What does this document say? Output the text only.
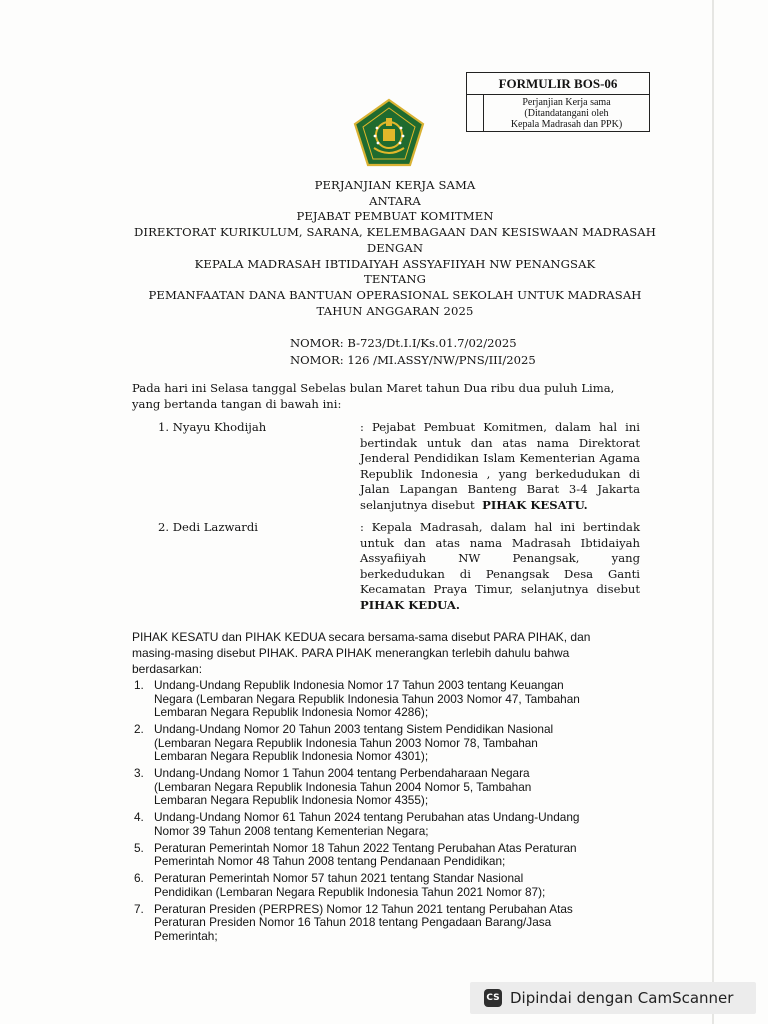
FORMULIR BOS-06
Perjanjian Kerja sama
(Ditandatangani oleh
Kepala Madrasah dan PPK)
PERJANJIAN KERJA SAMA
ANTARA
PEJABAT PEMBUAT KOMITMEN
DIREKTORAT KURIKULUM, SARANA, KELEMBAGAAN DAN KESISWAAN MADRASAH
DENGAN
KEPALA MADRASAH IBTIDAIYAH ASSYAFIIYAH NW PENANGSAK
TENTANG
PEMANFAATAN DANA BANTUAN OPERASIONAL SEKOLAH UNTUK MADRASAH
TAHUN ANGGARAN 2025
NOMOR: B-723/Dt.I.I/Ks.01.7/02/2025
NOMOR: 126 /MI.ASSY/NW/PNS/III/2025
Pada hari ini Selasa tanggal Sebelas bulan Maret tahun Dua ribu dua puluh Lima,
yang bertanda tangan di bawah ini:
1. Nyayu Khodijah	: Pejabat Pembuat Komitmen, dalam hal ini
bertindak untuk dan atas nama Direktorat
Jenderal Pendidikan Islam Kementerian Agama
Republik Indonesia , yang berkedudukan di
Jalan Lapangan Banteng Barat 3-4 Jakarta
selanjutnya disebut PIHAK KESATU.
2. Dedi Lazwardi	: Kepala Madrasah, dalam hal ini bertindak
untuk dan atas nama Madrasah Ibtidaiyah
Assyafiiyah NW Penangsak, yang
berkedudukan di Penangsak Desa Ganti
Kecamatan Praya Timur, selanjutnya disebut
PIHAK KEDUA.
PIHAK KESATU dan PIHAK KEDUA secara bersama-sama disebut PARA PIHAK, dan
masing-masing disebut PIHAK. PARA PIHAK menerangkan terlebih dahulu bahwa
berdasarkan:
1. Undang-Undang Republik Indonesia Nomor 17 Tahun 2003 tentang Keuangan
Negara (Lembaran Negara Republik Indonesia Tahun 2003 Nomor 47, Tambahan
Lembaran Negara Republik Indonesia Nomor 4286);
2. Undang-Undang Nomor 20 Tahun 2003 tentang Sistem Pendidikan Nasional
(Lembaran Negara Republik Indonesia Tahun 2003 Nomor 78, Tambahan
Lembaran Negara Republik Indonesia Nomor 4301);
3. Undang-Undang Nomor 1 Tahun 2004 tentang Perbendaharaan Negara
(Lembaran Negara Republik Indonesia Tahun 2004 Nomor 5, Tambahan
Lembaran Negara Republik Indonesia Nomor 4355);
4. Undang-Undang Nomor 61 Tahun 2024 tentang Perubahan atas Undang-Undang
Nomor 39 Tahun 2008 tentang Kementerian Negara;
5. Peraturan Pemerintah Nomor 18 Tahun 2022 Tentang Perubahan Atas Peraturan
Pemerintah Nomor 48 Tahun 2008 tentang Pendanaan Pendidikan;
6. Peraturan Pemerintah Nomor 57 tahun 2021 tentang Standar Nasional
Pendidikan (Lembaran Negara Republik Indonesia Tahun 2021 Nomor 87);
7. Peraturan Presiden (PERPRES) Nomor 12 Tahun 2021 tentang Perubahan Atas
Peraturan Presiden Nomor 16 Tahun 2018 tentang Pengadaan Barang/Jasa
Pemerintah;
CS Dipindai dengan CamScanner
